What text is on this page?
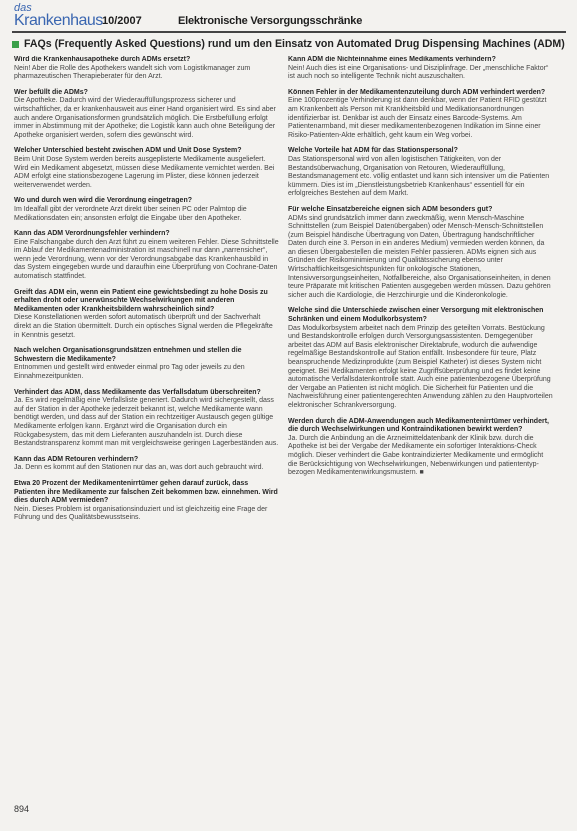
das
Krankenhaus 10/2007	Elektronische Versorgungsschränke
FAQs (Frequently Asked Questions) rund um den Einsatz von Automated Drug Dispensing Machines (ADM)

Wird die Krankenhausapotheke durch ADMs ersetzt?

Nein! Aber die Rolle des Apothekers wandelt sich vom Logistikmanager zum pharmazeutischen Therapieberater für den Arzt.

Wer befüllt die ADMs?

Die Apotheke. Dadurch wird der Wiederauffüllungsprozess sicherer und wirtschaftlicher, da er krankenhausweit aus einer Hand organisiert wird. Es sind aber auch andere Organisationsformen grundsätzlich möglich. Die Erstbefüllung erfolgt immer in Abstimmung mit der Apotheke; die Logistik kann auch ohne Beteiligung der Apotheke organisiert werden, sofern dies gewünscht wird.

Welcher Unterschied besteht zwischen ADM und Unit Dose System?

Beim Unit Dose System werden bereits ausgeplisterte Medikamente ausgeliefert. Wird ein Medikament abgesetzt, müssen diese Medikamente vernichtet werden. Bei ADM erfolgt eine stationsbezogene Lagerung im Plister, diese können jederzeit weiterverwendet werden.

Wo und durch wen wird die Verordnung eingetragen?

Im Idealfall gibt der verordnete Arzt direkt über seinen PC oder Palmtop die Medikationsdaten ein; ansonsten erfolgt die Eingabe über den Apotheker.

Kann das ADM Verordnungsfehler verhindern?

Eine Falschangabe durch den Arzt führt zu einem weiteren Fehler. Diese Schnittstelle im Ablauf der Medikamentenadministration ist maschinell nur dann „narrensicher“, wenn jede Verordnung, wenn vor der Verordnungsabgabe das Krankenhausbild in das System eingegeben wurde und daraufhin eine Überprüfung von Cochrane-Daten automatisch stattfindet.

Greift das ADM ein, wenn ein Patient eine gewichtsbedingt zu hohe Dosis zu erhalten droht oder unerwünschte Wechselwirkungen mit anderen Medikamenten oder Krankheitsbildern wahrscheinlich sind?

Diese Konstellationen werden sofort automatisch überprüft und der Sachverhalt direkt an die Station übermittelt. Durch ein optisches Signal werden die Pflegekräfte in Kenntnis gesetzt.

Nach welchen Organisationsgrundsätzen entnehmen und stellen die Schwestern die Medikamente?

Entnommen und gestellt wird entweder einmal pro Tag oder jeweils zu den Einnahmezeitpunkten.

Verhindert das ADM, dass Medikamente das Verfallsdatum überschreiten?

Ja. Es wird regelmäßig eine Verfallsliste generiert. Dadurch wird sichergestellt, dass auf der Station in der Apotheke jederzeit bekannt ist, welche Medikamente wann benötigt werden, und dass auf der Station ein rechtzeitiger Austausch gegen gültige Medikamente erfolgen kann. Ergänzt wird die Organisation durch ein Rückgabesystem, das mit dem Lieferanten auszuhandeln ist. Durch diese Bestandstransparenz kommt man mit vergleichsweise geringen Lagerbeständen aus.

Kann das ADM Retouren verhindern?

Ja. Denn es kommt auf den Stationen nur das an, was dort auch gebraucht wird.

Etwa 20 Prozent der Medikamentenirrtümer gehen darauf zurück, dass Patienten ihre Medikamente zur falschen Zeit bekommen bzw. einnehmen. Wird dies durch ADM vermieden?

Nein. Dieses Problem ist organisationsinduziert und ist gleichzeitig eine Frage der Führung und des Qualitätsbewusstseins.

Kann ADM die Nichteinnahme eines Medikaments verhindern?

Nein! Auch dies ist eine Organisations- und Disziplinfrage. Der „menschliche Faktor“ ist auch noch so intelligente Technik nicht auszuschalten.

Können Fehler in der Medikamentenzuteilung durch ADM verhindert werden?

Eine 100prozentige Verhinderung ist dann denkbar, wenn der Patient RFID gestützt am Krankenbett als Person mit Krankheitsbild und Medikationsanordnungen identifizierbar ist. Denkbar ist auch der Einsatz eines Barcode-Systems. Am Patientenarmband, mit dieser medikamentenbezogenen Indikation im Sinne einer Risiko-Patienten-Akte erhältlich, geht kaum ein Weg vorbei.

Welche Vorteile hat ADM für das Stationspersonal?

Das Stationspersonal wird von allen logistischen Tätigkeiten, von der Bestandsüberwachung, Organisation von Retouren, Wiederauffüllung, Bestandsmanagement etc. völlig entlastet und kann sich intensiver um die Patienten kümmern. Dies ist im „Dienstleistungsbetrieb Krankenhaus“ essentiell für ein erfolgreiches Bestehen auf dem Markt.

Für welche Einsatzbereiche eignen sich ADM besonders gut?

ADMs sind grundsätzlich immer dann zweckmäßig, wenn Mensch-Maschine Schnittstellen (zum Beispiel Datenübergaben) oder Mensch-Mensch-Schnittstellen (zum Beispiel händische Übertragung von Daten, Übertragung handschriftlicher Daten durch eine 3. Person in ein anderes Medium) vermieden werden können, da an diesen Übergabestellen die meisten Fehler passieren. ADMs eignen sich aus Gründen der Risikominimierung und Qualitätssicherung ebenso unter Wirtschaftlichkeitsgesichtspunkten für onkologische Stationen, Intensivversorgungseinheiten, Notfallbereiche, also Organisationseinheiten, in denen teure Präparate mit kritischen Patienten ausgegeben werden müssen. Dazu gehören sicher auch die Kardiologie, die Herzchirurgie und die Kinderonkologie.

Welche sind die Unterschiede zwischen einer Versorgung mit elektronischen Schränken und einem Modulkorbsystem?

Das Modulkorbsystem arbeitet nach dem Prinzip des geteilten Vorrats. Bestückung und Bestandskontrolle erfolgen durch Versorgungsassistenten. Demgegenüber arbeitet das ADM auf Basis elektronischer Direktabrufe, wodurch die aufwendige regelmäßige Bestandskontrolle auf Station entfällt. Insbesondere für teure, Platz beanspruchende Medizinprodukte (zum Beispiel Katheter) ist dieses System nicht geeignet. Bei Medikamenten erfolgt keine Zugriffsüberprüfung und es findet keine automatische Verfallsdatenkontrolle statt. Auch eine patientenbezogene Überprüfung der Vergabe an Patienten ist nicht möglich. Die Sicherheit für Patienten und die Nachweisführung einer patientengerechten Anwendung zählen zu den Hauptvorteilen elektronischer Schrankversorgung.

Werden durch die ADM-Anwendungen auch Medikamentenirrtümer verhindert, die durch Wechselwirkungen und Kontraindikationen bewirkt werden?

Ja. Durch die Anbindung an die Arzneimitteldatenbank der Klinik bzw. durch die Apotheke ist bei der Vergabe der Medikamente ein sofortiger Interaktions-Check möglich. Dieser verhindert die Gabe kontraindizierter Medikamente und ermöglicht die Berücksichtigung von Wechselwirkungen, Nebenwirkungen und patiententyp-bezogen Medikamentenwirkungsmustern. ■

894
